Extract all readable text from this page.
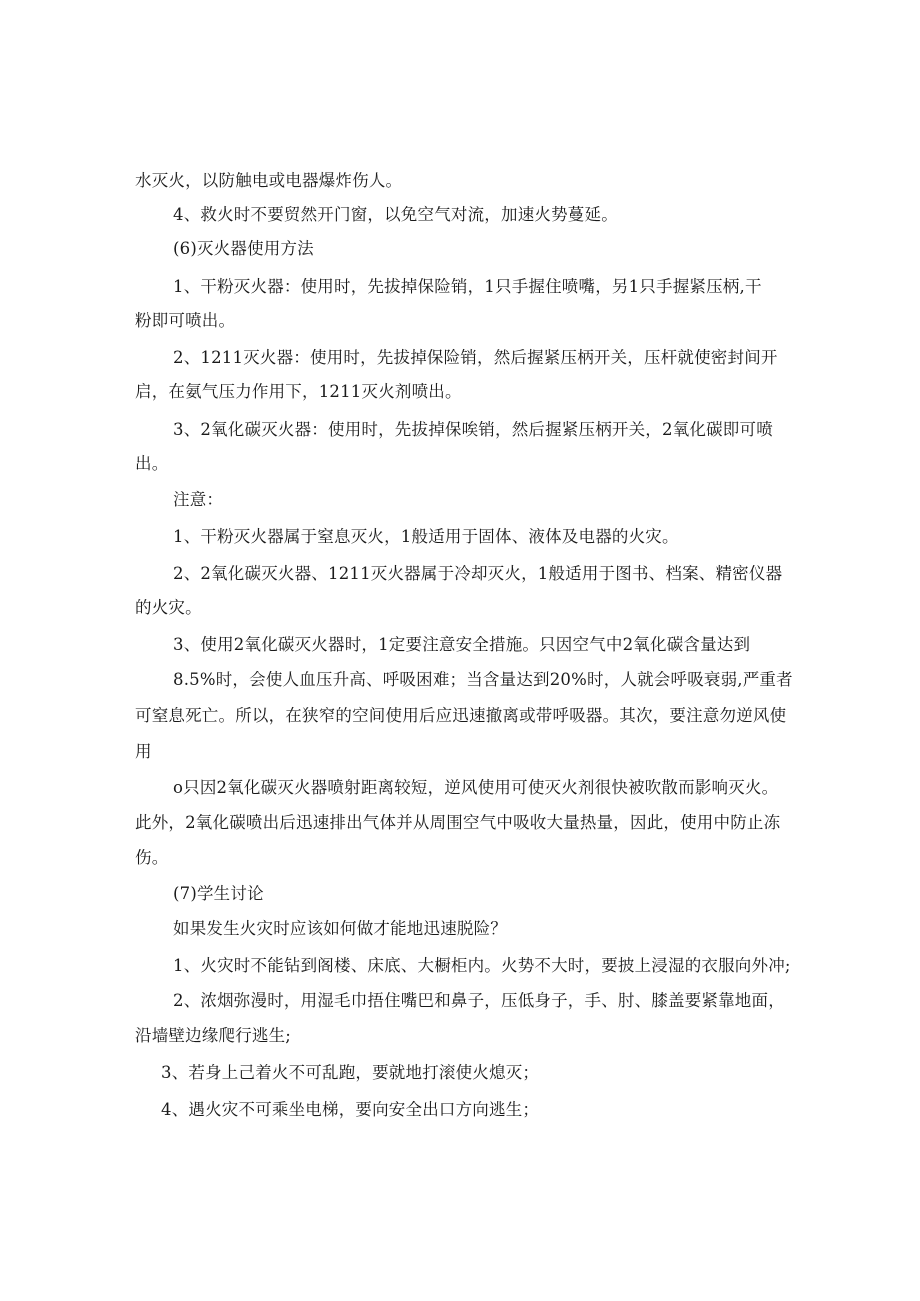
水灭火，以防触电或电器爆炸伤人。
4、救火时不要贸然开门窗，以免空气对流，加速火势蔓延。
(6)灭火器使用方法
1、干粉灭火器：使用时，先拔掉保险销，1只手握住喷嘴，另1只手握紧压柄,干
粉即可喷出。
2、1211灭火器：使用时，先拔掉保险销，然后握紧压柄开关，压杆就使密封间开
启，在氨气压力作用下，1211灭火剂喷出。
3、2氧化碳灭火器：使用时，先拔掉保唉销，然后握紧压柄开关，2氧化碳即可喷
出。
注意：
1、干粉灭火器属于窒息灭火，1般适用于固体、液体及电器的火灾。
2、2氧化碳灭火器、1211灭火器属于冷却灭火，1般适用于图书、档案、精密仪器
的火灾。
3、使用2氧化碳灭火器时，1定要注意安全措施。只因空气中2氧化碳含量达到
8.5%时，会使人血压升高、呼吸困难；当含量达到20%时，人就会呼吸衰弱,严重者
可窒息死亡。所以，在狭窄的空间使用后应迅速撤离或带呼吸器。其次，要注意勿逆风使
用
o只因2氧化碳灭火器喷射距离较短，逆风使用可使灭火剂很快被吹散而影响灭火。
此外，2氧化碳喷出后迅速排出气体并从周围空气中吸收大量热量，因此，使用中防止冻
伤。
(7)学生讨论
如果发生火灾时应该如何做才能地迅速脱险？
1、火灾时不能钻到阁楼、床底、大橱柜内。火势不大时，要披上浸湿的衣服向外冲;
2、浓烟弥漫时，用湿毛巾捂住嘴巴和鼻子，压低身子，手、肘、膝盖要紧靠地面，
沿墙壁边缘爬行逃生;
3、若身上己着火不可乱跑，要就地打滚使火熄灭；
4、遇火灾不可乘坐电梯，要向安全出口方向逃生；
